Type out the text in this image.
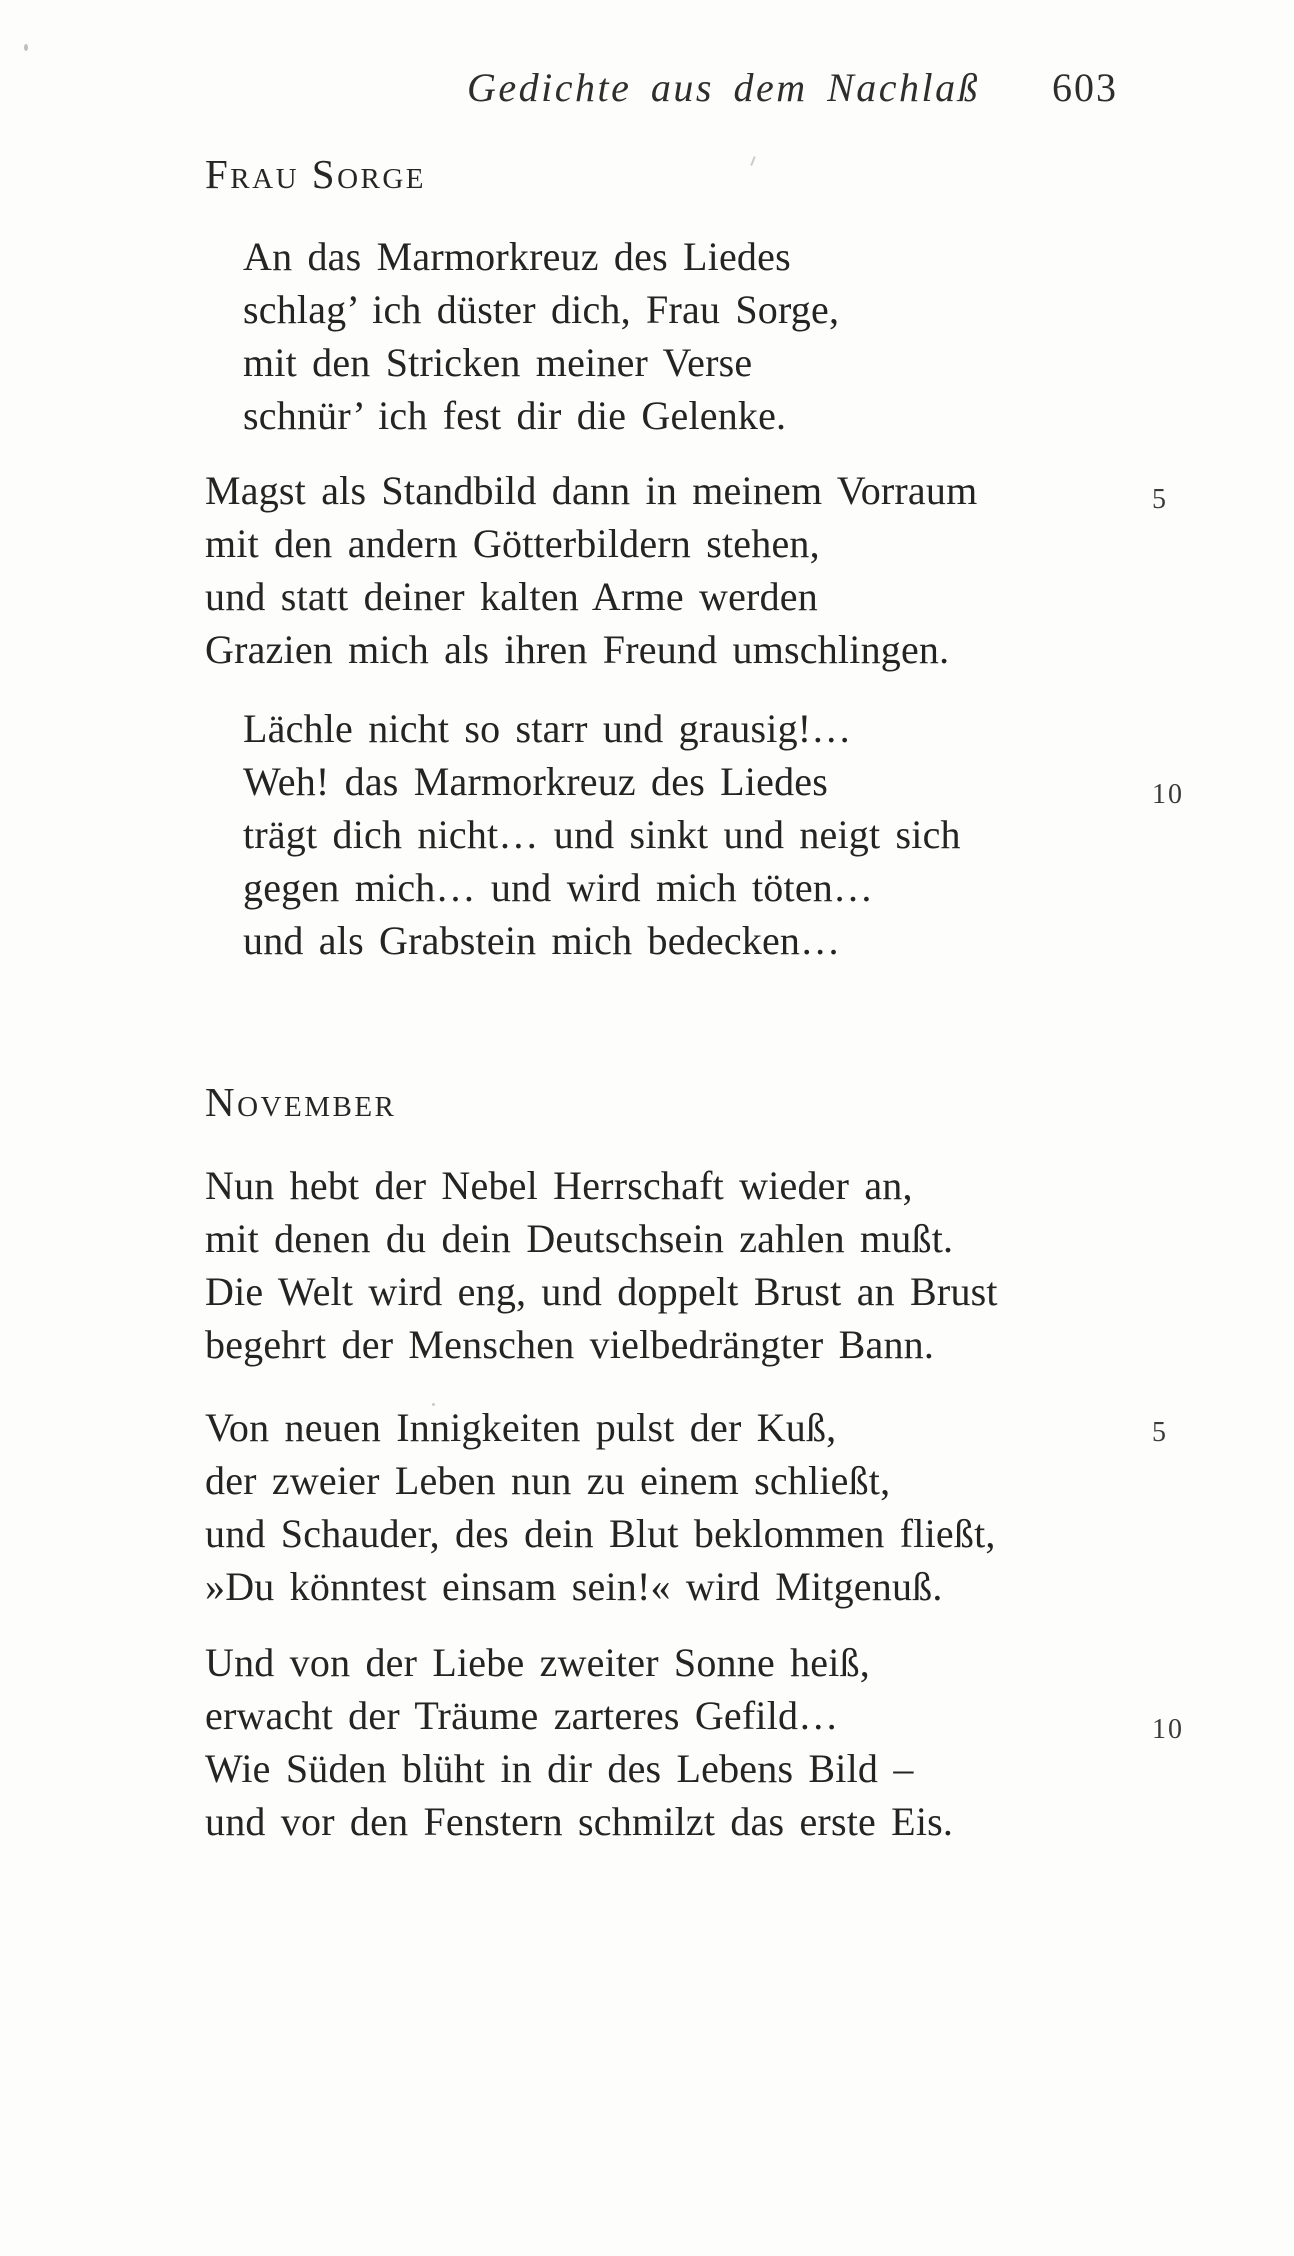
Gedichte aus dem Nachlaß 603
Frau Sorge
An das Marmorkreuz des Liedes
schlag’ ich düster dich, Frau Sorge,
mit den Stricken meiner Verse
schnür’ ich fest dir die Gelenke.
Magst als Standbild dann in meinem Vorraum	5
mit den andern Götterbildern stehen,
und statt deiner kalten Arme werden
Grazien mich als ihren Freund umschlingen.
Lächle nicht so starr und grausig!…
Weh! das Marmorkreuz des Liedes	10
trägt dich nicht… und sinkt und neigt sich
gegen mich… und wird mich töten…
und als Grabstein mich bedecken…
November
Nun hebt der Nebel Herrschaft wieder an,
mit denen du dein Deutschsein zahlen mußt.
Die Welt wird eng, und doppelt Brust an Brust
begehrt der Menschen vielbedrängter Bann.
Von neuen Innigkeiten pulst der Kuß,	5
der zweier Leben nun zu einem schließt,
und Schauder, des dein Blut beklommen fließt,
»Du könntest einsam sein!« wird Mitgenuß.
Und von der Liebe zweiter Sonne heiß,
erwacht der Träume zarteres Gefild…	10
Wie Süden blüht in dir des Lebens Bild –
und vor den Fenstern schmilzt das erste Eis.
